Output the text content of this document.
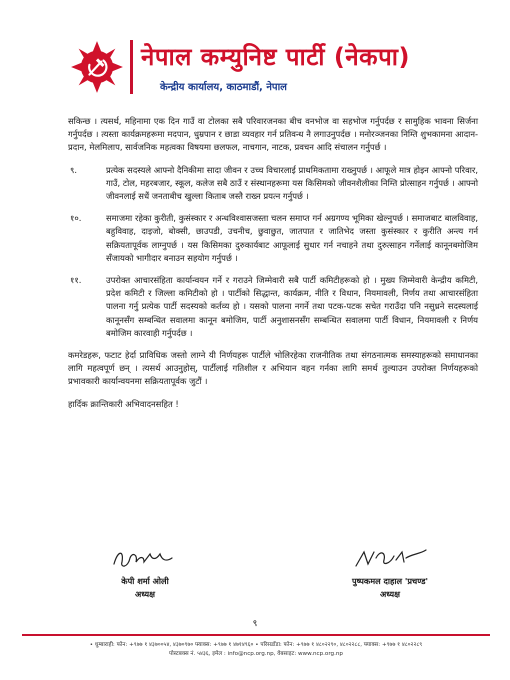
नेपाल कम्युनिष्ट पार्टी (नेकपा)
केन्द्रीय कार्यालय, काठमाडौं, नेपाल

सकिन्छ । त्यसर्थ, महिनामा एक दिन गाउँ वा टोलका सबै परिवारजनका बीच वनभोज वा सहभोज गर्नुपर्दछ र सामुहिक भावना सिर्जना गर्नुपर्दछ । त्यस्ता कार्यक्रमहरूमा मदपान, धुम्रपान र छाडा व्यवहार गर्न प्रतिवन्ध नै लगाउनुपर्दछ । मनोरञ्जनका निम्ति शुभकामना आदान-प्रदान, मेलमिलाप, सार्वजनिक महत्वका विषयमा छलफल, नाचगान, नाटक, प्रवचन आदि संचालन गर्नुपर्छ ।

९.	प्रत्येक सदस्यले आफ्नो दैनिकीमा सादा जीवन र उच्च विचारलाई प्राथमिकतामा राख्नुपर्छ । आफूले मात्र होइन आफ्नो परिवार, गाउँ, टोल, महरबजार, स्कूल, कलेज सबै ठाउँ र संस्थानहरूमा यस किसिमको जीवनशैलीका निम्ति प्रोत्साहन गर्नुपर्छ । आफ्नो जीवनलाई सधैं जनताबीच खुल्ला किताब जस्तै राख्न प्रयत्न गर्नुपर्छ ।
१०.	समाजमा रहेका कुरीती, कुसंस्कार र अन्धविश्वासजस्ता चलन समाप्त गर्न अग्रगण्य भूमिका खेल्नुपर्छ । समाजबाट बालविवाह, बहुविवाह, दाइजो, बोक्सी, छाउपडी, उचनीच, छुवाछुत, जातपात र जातिभेद जस्ता कुसंस्कार र कुरीति अन्त्य गर्न सक्रियतापूर्वक लाग्नुपर्छ । यस किसिमका दुरुकार्यबाट आफूलाई सुधार गर्न नचाहने तथा दुरुत्साहन गर्नेलाई कानूनबमोजिम सँजायको भागीदार बनाउन सहयोग गर्नुपर्छ ।
११.	उपरोक्त आचारसंहिता कार्यान्वयन गर्ने र गराउने जिम्मेवारी सबै पार्टी कमिटीहरूको हो । मुख्य जिम्मेवारी केन्द्रीय कमिटी, प्रदेश कमिटी र जिल्ला कमिटीको हो । पार्टीको सिद्धान्त, कार्यक्रम, नीति र विधान, नियमावली, निर्णय तथा आचारसंहिता पालना गर्नु प्रत्येक पार्टी सदस्यको कर्तव्य हो । यसको पालना नगर्ने तथा पटक-पटक सचेत गराउँदा पनि नसुध्रने सदस्यलाई कानूनसँग सम्बन्धित सवालमा कानून बमोजिम, पार्टी अनुशासनसँग सम्बन्धित सवालमा पार्टी विधान, नियमावली र निर्णय बमोजिम कारवाही गर्नुपर्दछ ।

कमरेडहरू, फटाट हेर्दा प्राविधिक जस्तो लाग्ने यी निर्णयहरू पार्टीले भोलिरहेका राजनीतिक तथा संगठनात्मक समस्याहरूको समाधानका लागि महत्वपूर्ण छन् । त्यसर्थ आउनुहोस्, पार्टीलाई गतिशील र अभियान वहन गर्नका लागि समर्थ तुल्याउन उपरोक्त निर्णयहरूको प्रभावकारी कार्यान्वयनमा सक्रियतापूर्वक जुटौं ।

हार्दिक क्रान्तिकारी अभिवादनसहित !

केपी शर्मा ओली
अध्यक्ष
पुष्पकमल दाहाल 'प्रचण्ड'
अध्यक्ष
९
• धुम्बाराही: फोन: +९७७ १ ४३७००५४, ४३७०९७० फ्याक्स: +९७७ १ ४७१४९६० • परिसडाँडा: फोन: +९७७ १ ४८०२२९०, ४८०२२८८, फ्याक्स: +९७७ १ ४८०२२८९
पोस्टबक्स नं. ५४३६, इमेल : info@ncp.org.np, वेबसाइट: www.ncp.org.np
